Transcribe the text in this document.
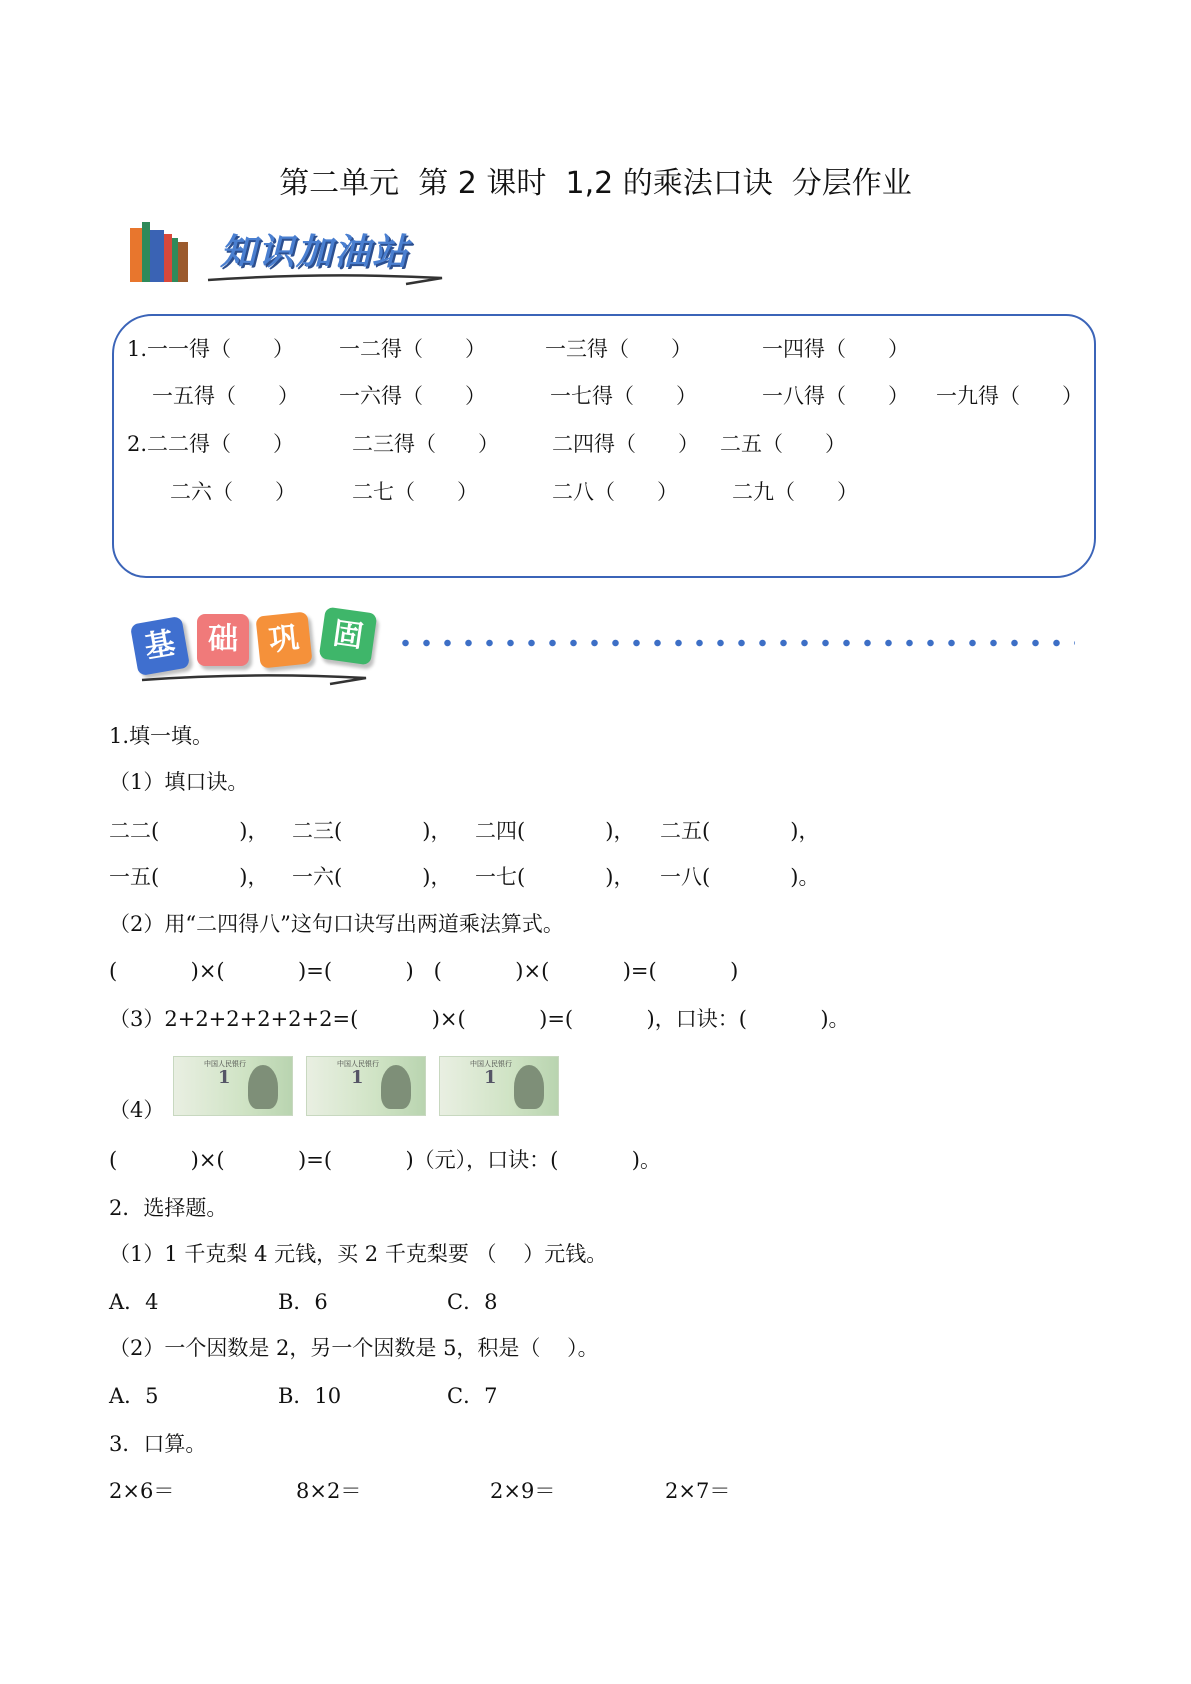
第二单元  第 2 课时  1,2 的乘法口诀  分层作业

知识加油站

1.一一得（　　） 一二得（　　）	一三得（　　）	一四得（　　）
一五得（　　） 一六得（　　）	一七得（　　）	一八得（　　） 一九得（　　）
2.二二得（　　）	二三得（　　）	二四得（　　） 二五（　　）
二六（　　）	二七（　　）	二八（　　）	二九（　　）
基	础 巩	固
1.填一填。
（1）填口诀。
二二(            )， 二三(            )， 二四(            )， 二五(            )，
一五(            )， 一六(            )， 一七(            )， 一八(            )。
（2）用“二四得八”这句口诀写出两道乘法算式。
(           )×(           )=(           )   (           )×(           )=(           )
（3）2+2+2+2+2+2=(           )×(           )=(           )，口诀：(           )。
（4）
中国人民银行
1
中国人民银行
1
中国人民银行
1
(           )×(           )=(           )（元），口诀：(           )。
2．选择题。
（1）1 千克梨 4 元钱，买 2 千克梨要 （    ）元钱。
A．4	B．6	C．8
（2）一个因数是 2，另一个因数是 5，积是（    ）。
A．5	B．10	C．7
3．口算。
2×6＝	8×2＝	2×9＝	2×7＝
